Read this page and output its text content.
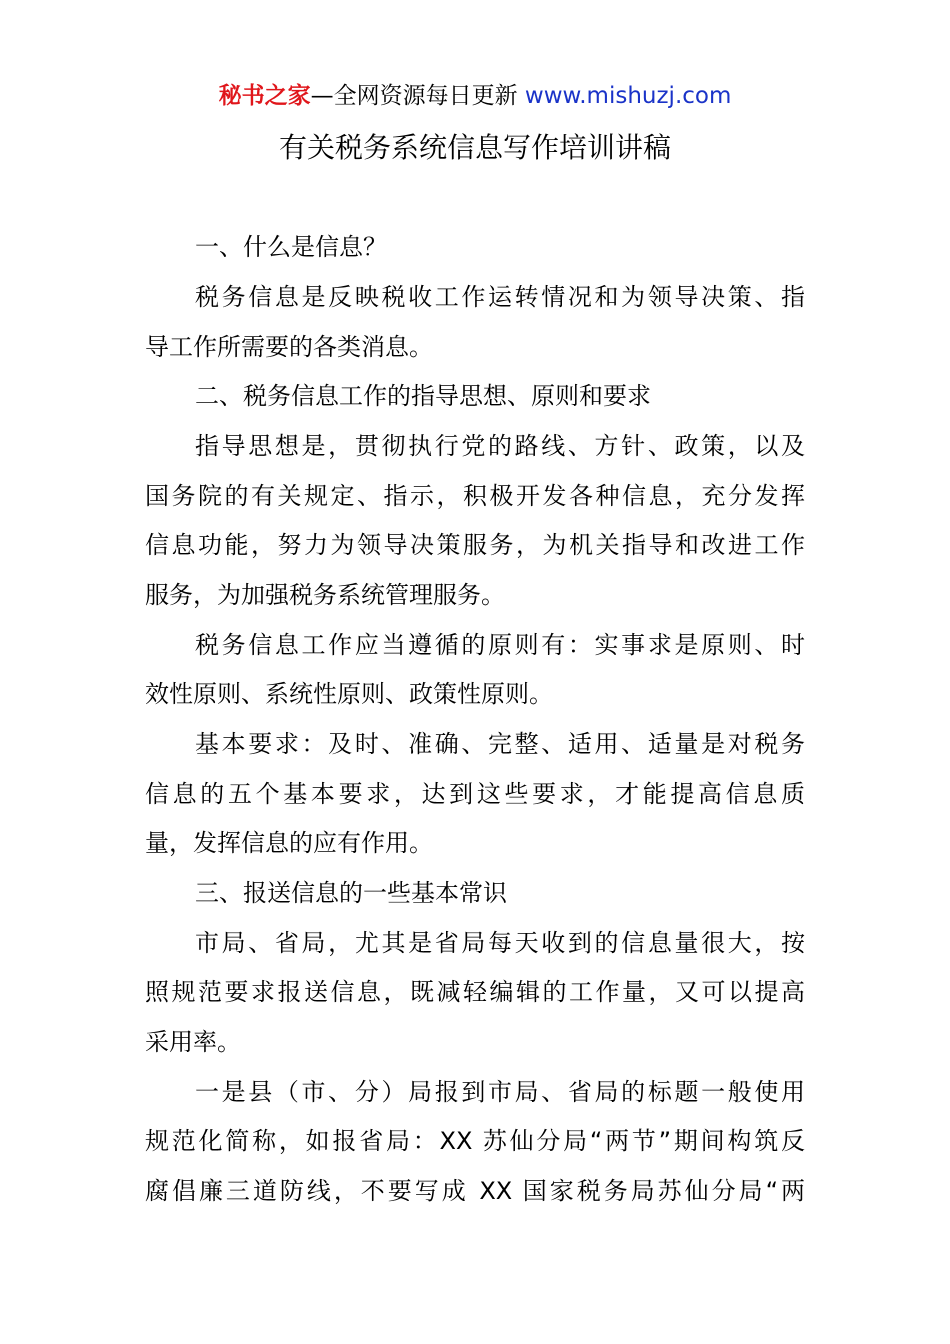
秘书之家—全网资源每日更新 www.mishuzj.com
有关税务系统信息写作培训讲稿
一、什么是信息？
税务信息是反映税收工作运转情况和为领导决策、指
导工作所需要的各类消息。
二、税务信息工作的指导思想、原则和要求
指导思想是，贯彻执行党的路线、方针、政策，以及
国务院的有关规定、指示，积极开发各种信息，充分发挥
信息功能，努力为领导决策服务，为机关指导和改进工作
服务，为加强税务系统管理服务。
税务信息工作应当遵循的原则有：实事求是原则、时
效性原则、系统性原则、政策性原则。
基本要求：及时、准确、完整、适用、适量是对税务
信息的五个基本要求，达到这些要求，才能提高信息质
量，发挥信息的应有作用。
三、报送信息的一些基本常识
市局、省局，尤其是省局每天收到的信息量很大，按
照规范要求报送信息，既减轻编辑的工作量，又可以提高
采用率。
一是县（市、分）局报到市局、省局的标题一般使用
规范化简称，如报省局：XX 苏仙分局“两节”期间构筑反
腐倡廉三道防线，不要写成 XX 国家税务局苏仙分局“两
